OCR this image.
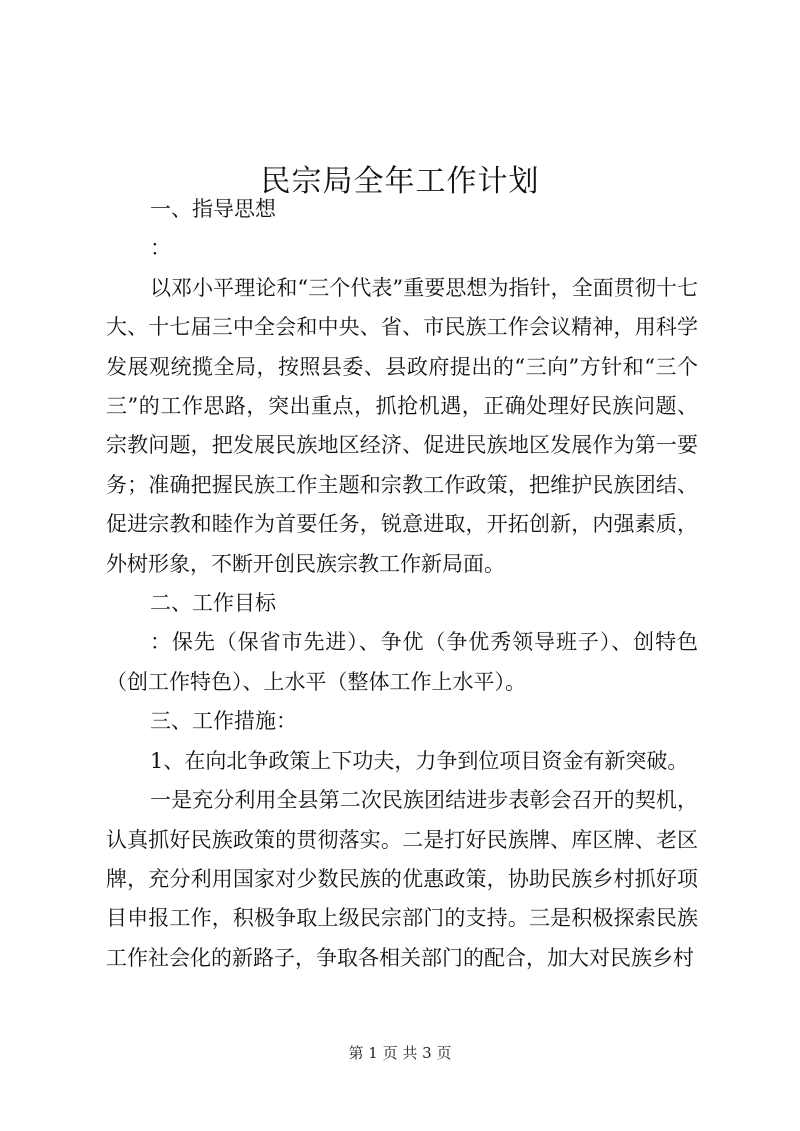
民宗局全年工作计划

一、指导思想

：

以邓小平理论和“三个代表”重要思想为指针，全面贯彻十七大、十七届三中全会和中央、省、市民族工作会议精神，用科学发展观统揽全局，按照县委、县政府提出的“三向”方针和“三个三”的工作思路，突出重点，抓抢机遇，正确处理好民族问题、宗教问题，把发展民族地区经济、促进民族地区发展作为第一要务；准确把握民族工作主题和宗教工作政策，把维护民族团结、促进宗教和睦作为首要任务，锐意进取，开拓创新，内强素质，外树形象，不断开创民族宗教工作新局面。

二、工作目标

：保先（保省市先进）、争优（争优秀领导班子）、创特色（创工作特色）、上水平（整体工作上水平）。

三、工作措施：

1、在向北争政策上下功夫，力争到位项目资金有新突破。

一是充分利用全县第二次民族团结进步表彰会召开的契机，认真抓好民族政策的贯彻落实。二是打好民族牌、库区牌、老区牌，充分利用国家对少数民族的优惠政策，协助民族乡村抓好项目申报工作，积极争取上级民宗部门的支持。三是积极探索民族工作社会化的新路子，争取各相关部门的配合，加大对民族乡村

第 1 页 共 3 页
